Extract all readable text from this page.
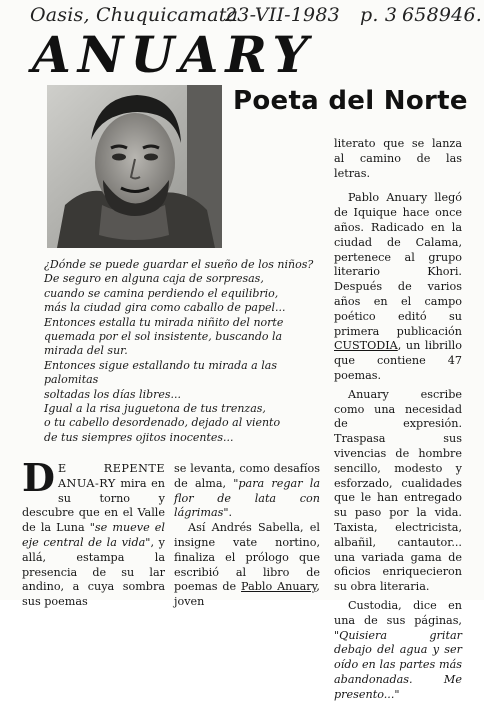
Oasis, Chuquicamata
23-VII-1983 p. 3 658946.
ANUARY
Poeta del Norte
¿Dónde se puede guardar el sueño de los niños?
De seguro en alguna caja de sorpresas,
cuando se camina perdiendo el equilibrio,
más la ciudad gira como caballo de papel...
Entonces estalla tu mirada niñito del norte
quemada por el sol insistente, buscando la
mirada del sur.
Entonces sigue estallando tu mirada a las
palomitas
soltadas los días libres...
Igual a la risa juguetona de tus trenzas,
o tu cabello desordenado, dejado al viento
de tus siempres ojitos inocentes...

D E REPENTE ANUA-RY mira en su torno y descubre que en el Valle de la Luna "se mueve el eje central de la vida", y allá, estampa la presencia de su lar andino, a cuya sombra sus poemas

se levanta, como desafíos de alma, "para regar la flor de lata con lágrimas".

Así Andrés Sabella, el insigne vate nortino, finaliza el prólogo que escribió al libro de poemas de Pablo Anuary, joven

literato que se lanza al camino de las letras.

Pablo Anuary llegó de Iquique hace once años. Radicado en la ciudad de Calama, pertenece al grupo literario Khori. Después de varios años en el campo poético editó su primera publicación CUSTODIA, un librillo que contiene 47 poemas.

Anuary escribe como una necesidad de expresión. Traspasa sus vivencias de hombre sencillo, modesto y esforzado, cualidades que le han entregado su paso por la vida. Taxista, electricista, albañil, cantautor... una variada gama de oficios enriquecieron su obra literaria.

Custodia, dice en una de sus páginas, "Quisiera gritar debajo del agua y ser oído en las partes más abandonadas. Me presento..."
